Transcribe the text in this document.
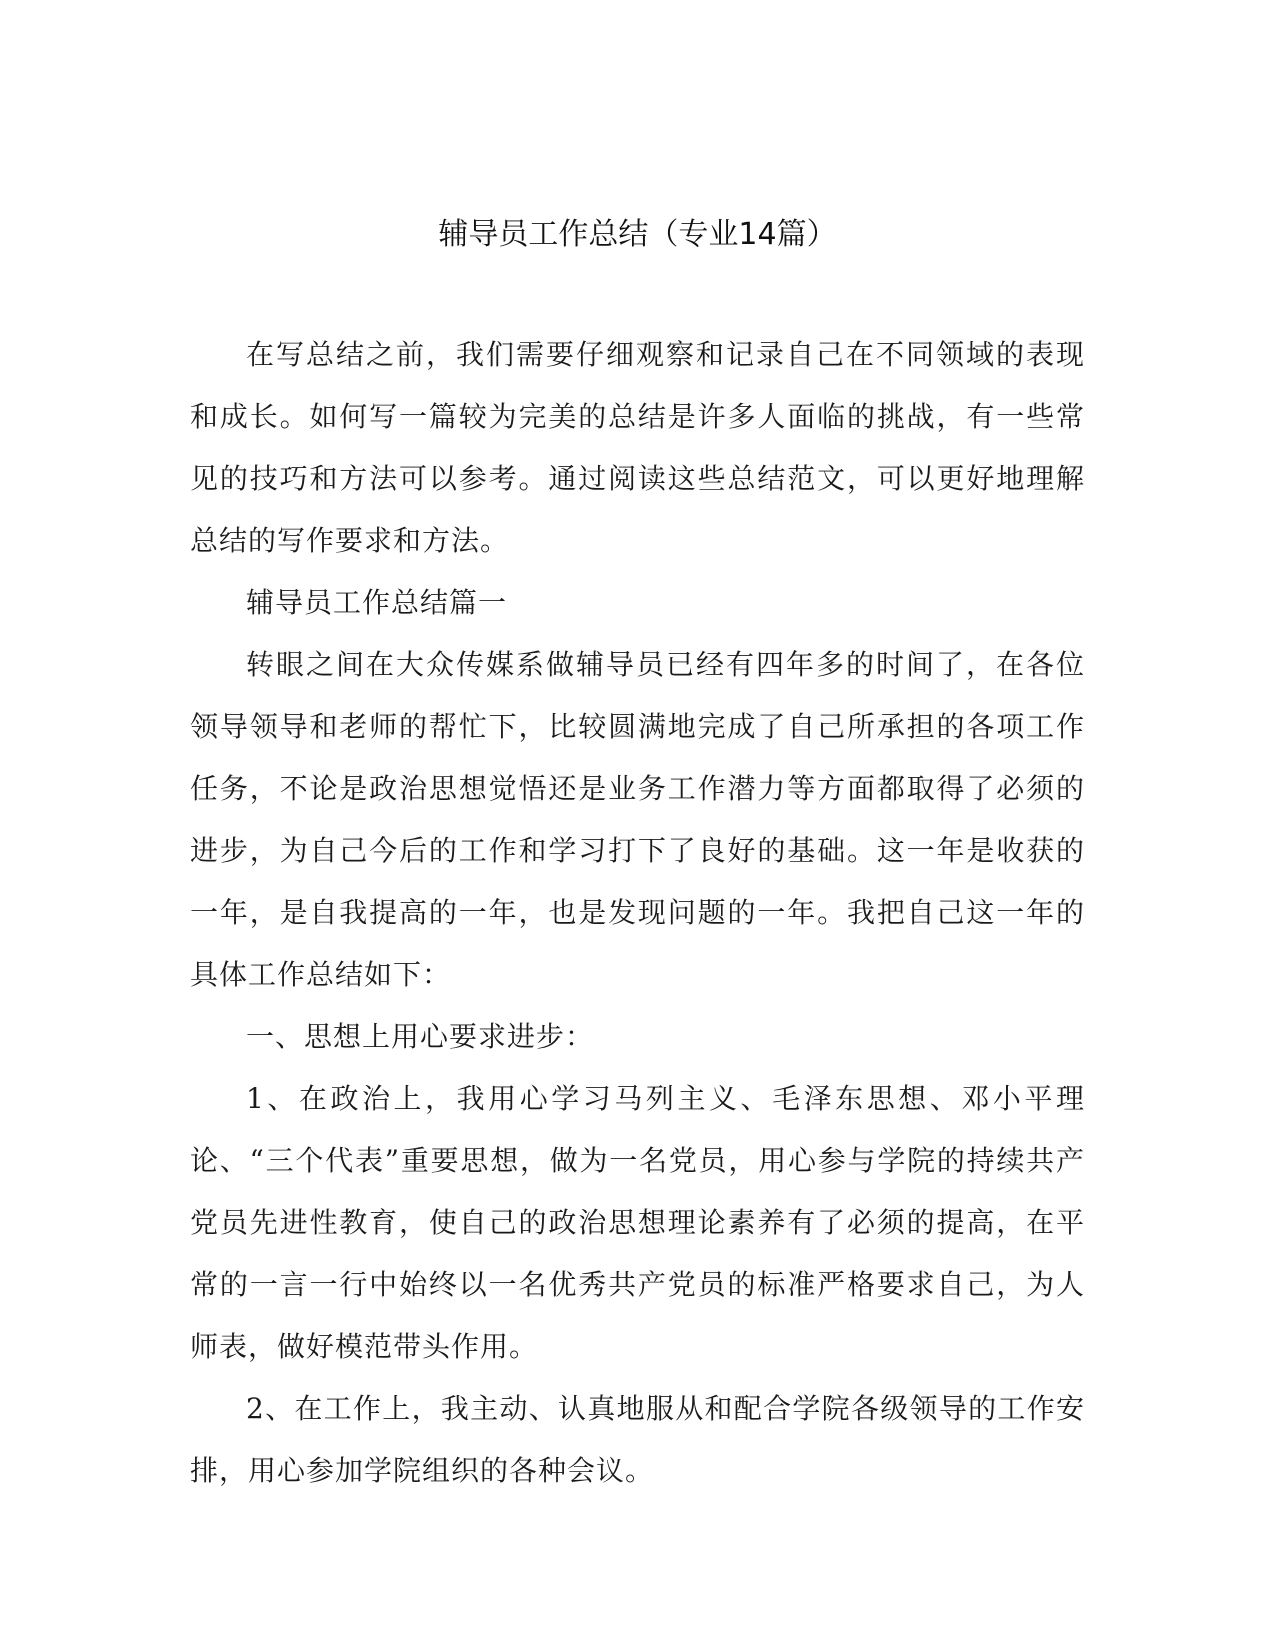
辅导员工作总结（专业14篇）

在写总结之前，我们需要仔细观察和记录自己在不同领域的表现和成长。如何写一篇较为完美的总结是许多人面临的挑战，有一些常见的技巧和方法可以参考。通过阅读这些总结范文，可以更好地理解总结的写作要求和方法。

辅导员工作总结篇一

转眼之间在大众传媒系做辅导员已经有四年多的时间了，在各位领导领导和老师的帮忙下，比较圆满地完成了自己所承担的各项工作任务，不论是政治思想觉悟还是业务工作潜力等方面都取得了必须的进步，为自己今后的工作和学习打下了良好的基础。这一年是收获的一年，是自我提高的一年，也是发现问题的一年。我把自己这一年的具体工作总结如下：

一、思想上用心要求进步：

1、在政治上，我用心学习马列主义、毛泽东思想、邓小平理论、“三个代表”重要思想，做为一名党员，用心参与学院的持续共产党员先进性教育，使自己的政治思想理论素养有了必须的提高，在平常的一言一行中始终以一名优秀共产党员的标准严格要求自己，为人师表，做好模范带头作用。

2、在工作上，我主动、认真地服从和配合学院各级领导的工作安排，用心参加学院组织的各种会议。
